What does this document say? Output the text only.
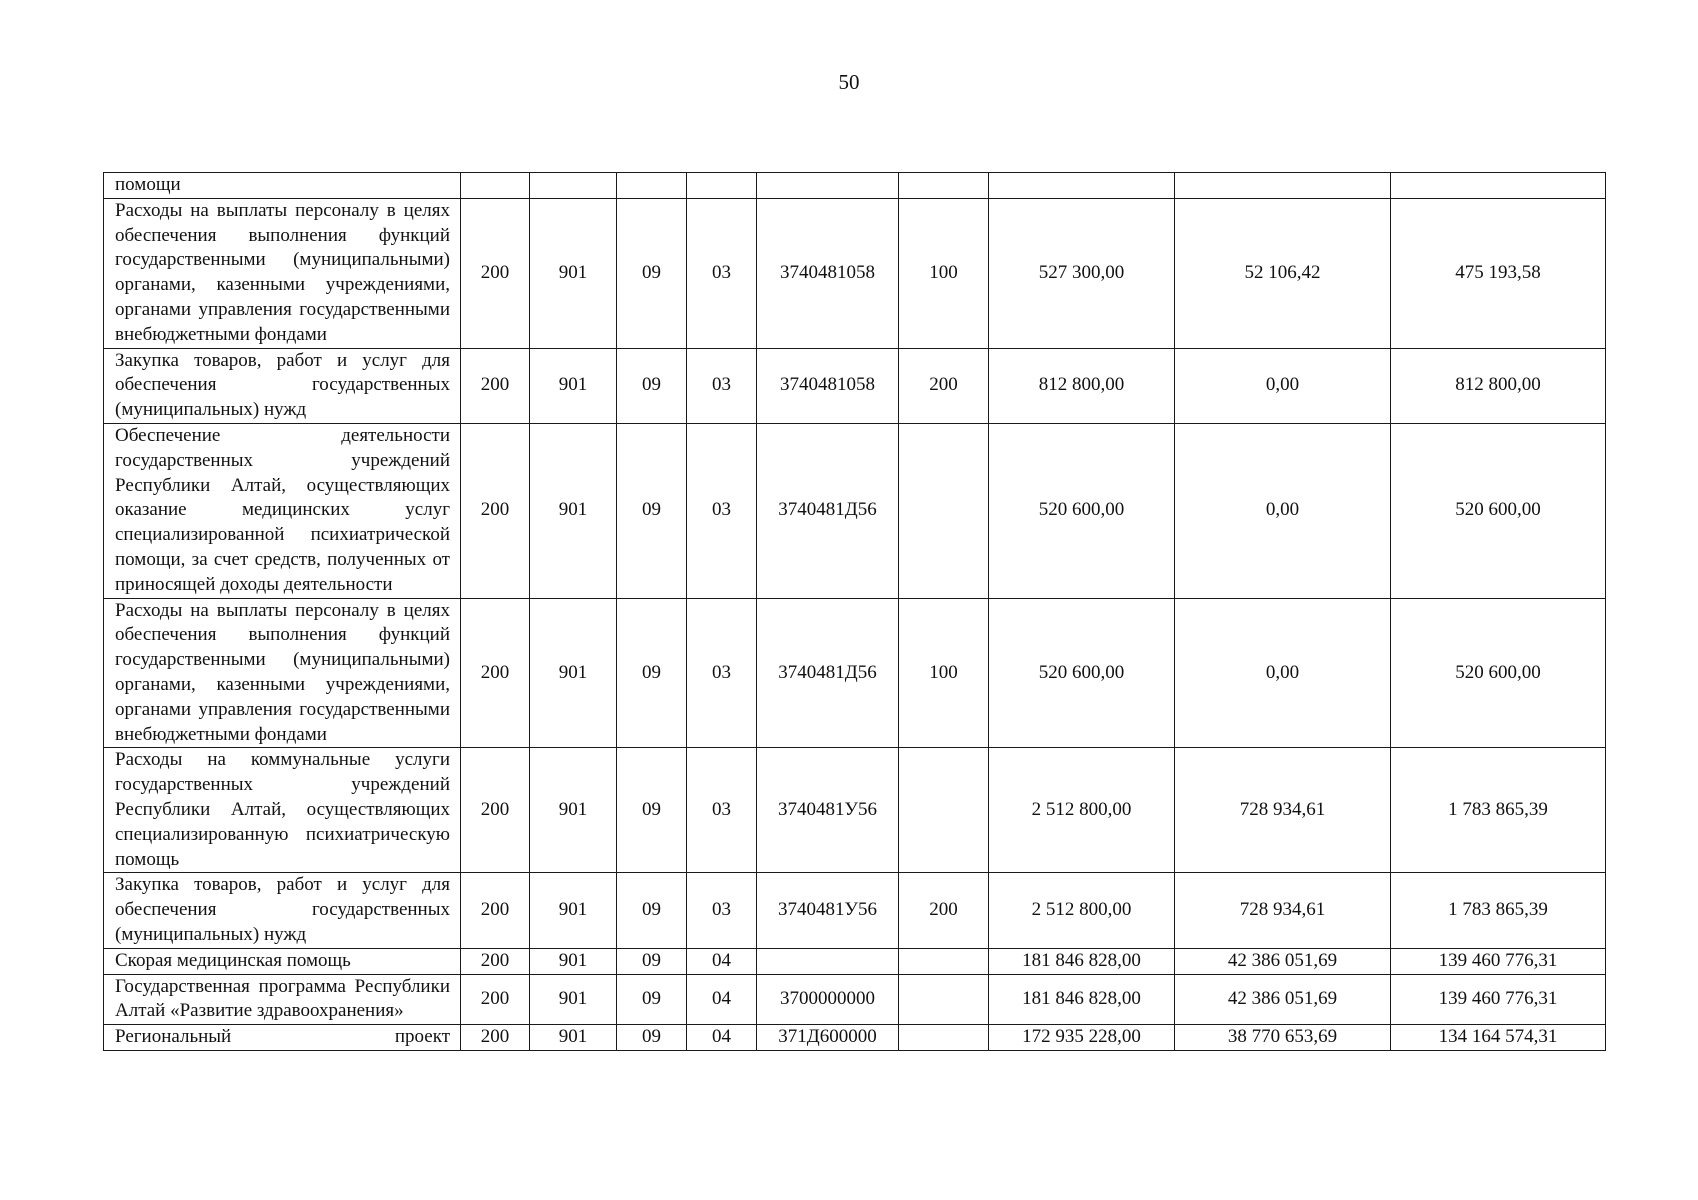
50
помощи									
Расходы на выплаты персоналу в целях обеспечения выполнения функций государственными (муниципальными) органами, казенными учреждениями, органами управления государственными внебюджетными фондами	200	901	09	03	3740481058	100	527 300,00	52 106,42	475 193,58
Закупка товаров, работ и услуг для обеспечения государственных (муниципальных) нужд	200	901	09	03	3740481058	200	812 800,00	0,00	812 800,00
Обеспечение деятельности государственных учреждений Республики Алтай, осуществляющих оказание медицинских услуг специализированной психиатрической помощи, за счет средств, полученных от приносящей доходы деятельности	200	901	09	03	3740481Д56		520 600,00	0,00	520 600,00
Расходы на выплаты персоналу в целях обеспечения выполнения функций государственными (муниципальными) органами, казенными учреждениями, органами управления государственными внебюджетными фондами	200	901	09	03	3740481Д56	100	520 600,00	0,00	520 600,00
Расходы на коммунальные услуги государственных учреждений Республики Алтай, осуществляющих специализированную психиатрическую помощь	200	901	09	03	3740481У56		2 512 800,00	728 934,61	1 783 865,39
Закупка товаров, работ и услуг для обеспечения государственных (муниципальных) нужд	200	901	09	03	3740481У56	200	2 512 800,00	728 934,61	1 783 865,39
Скорая медицинская помощь	200	901	09	04			181 846 828,00	42 386 051,69	139 460 776,31
Государственная программа Республики Алтай «Развитие здравоохранения»	200	901	09	04	3700000000		181 846 828,00	42 386 051,69	139 460 776,31
Региональный проект	200	901	09	04	371Д600000		172 935 228,00	38 770 653,69	134 164 574,31
